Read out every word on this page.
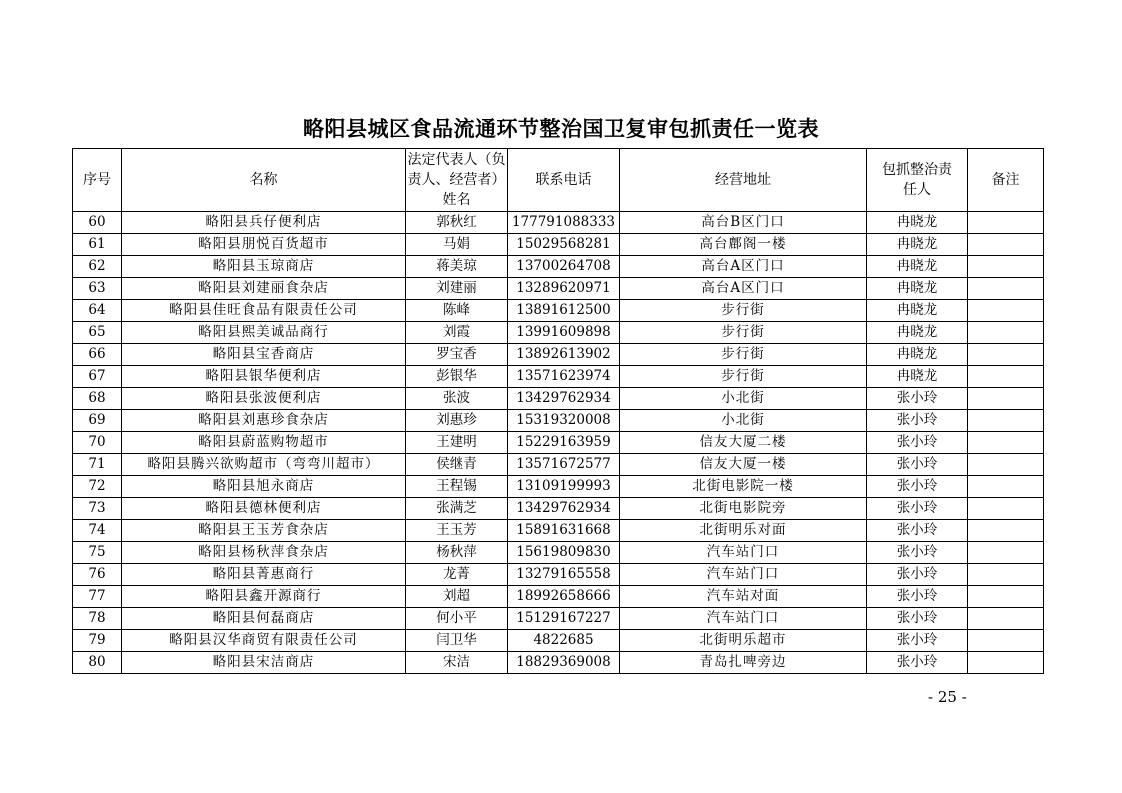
略阳县城区食品流通环节整治国卫复审包抓责任一览表
序号	名称	法定代表人（负责人、经营者）姓名	联系电话	经营地址	包抓整治责任人	备注
60	略阳县兵仔便利店	郭秋红	177791088333	高台B区门口	冉晓龙	
61	略阳县朋悦百货超市	马娟	15029568281	高台鄜阁一楼	冉晓龙	
62	略阳县玉琼商店	蒋美琼	13700264708	高台A区门口	冉晓龙	
63	略阳县刘建丽食杂店	刘建丽	13289620971	高台A区门口	冉晓龙	
64	略阳县佳旺食品有限责任公司	陈峰	13891612500	步行街	冉晓龙	
65	略阳县熙美诚品商行	刘霞	13991609898	步行街	冉晓龙	
66	略阳县宝香商店	罗宝香	13892613902	步行街	冉晓龙	
67	略阳县银华便利店	彭银华	13571623974	步行街	冉晓龙	
68	略阳县张波便利店	张波	13429762934	小北街	张小玲	
69	略阳县刘惠珍食杂店	刘惠珍	15319320008	小北街	张小玲	
70	略阳县蔚蓝购物超市	王建明	15229163959	信友大厦二楼	张小玲	
71	略阳县腾兴欲购超市（弯弯川超市）	侯继青	13571672577	信友大厦一楼	张小玲	
72	略阳县旭永商店	王程锡	13109199993	北街电影院一楼	张小玲	
73	略阳县德林便利店	张满芝	13429762934	北街电影院旁	张小玲	
74	略阳县王玉芳食杂店	王玉芳	15891631668	北街明乐对面	张小玲	
75	略阳县杨秋萍食杂店	杨秋萍	15619809830	汽车站门口	张小玲	
76	略阳县菁惠商行	龙菁	13279165558	汽车站门口	张小玲	
77	略阳县鑫开源商行	刘超	18992658666	汽车站对面	张小玲	
78	略阳县何磊商店	何小平	15129167227	汽车站门口	张小玲	
79	略阳县汉华商贸有限责任公司	闫卫华	4822685	北街明乐超市	张小玲	
80	略阳县宋洁商店	宋洁	18829369008	青岛扎啤旁边	张小玲	
- 25 -
